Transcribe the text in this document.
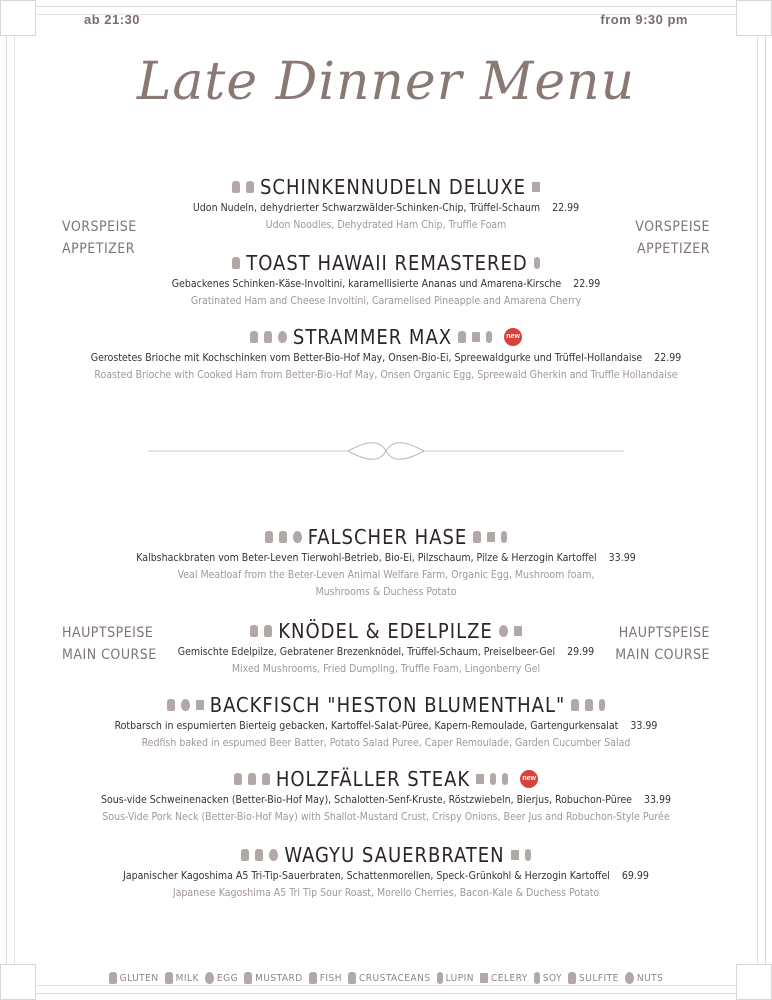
ab 21:30	from 9:30 pm
Late Dinner Menu
VORSPEISE
APPETIZER
VORSPEISE
APPETIZER
HAUPTSPEISE
MAIN COURSE
HAUPTSPEISE
MAIN COURSE
SCHINKENNUDELN DELUXE
Udon Nudeln, dehydrierter Schwarzwälder-Schinken-Chip, Trüffel-Schaum 22.99
Udon Noodles, Dehydrated Ham Chip, Truffle Foam
TOAST HAWAII REMASTERED
Gebackenes Schinken-Käse-Involtini, karamellisierte Ananas und Amarena-Kirsche 22.99
Gratinated Ham and Cheese Involtini, Caramelised Pineapple and Amarena Cherry
STRAMMER MAX	new
Gerostetes Brioche mit Kochschinken vom Better-Bio-Hof May, Onsen-Bio-Ei, Spreewaldgurke und Trüffel-Hollandaise 22.99
Roasted Brioche with Cooked Ham from Better-Bio-Hof May, Onsen Organic Egg, Spreewald Gherkin and Truffle Hollandaise
FALSCHER HASE
Kalbshackbraten vom Beter-Leven Tierwohl-Betrieb, Bio-Ei, Pilzschaum, Pilze & Herzogin Kartoffel 33.99
Veal Meatloaf from the Beter-Leven Animal Welfare Farm, Organic Egg, Mushroom foam,
Mushrooms & Duchess Potato
KNÖDEL & EDELPILZE
Gemischte Edelpilze, Gebratener Brezenknödel, Trüffel-Schaum, Preiselbeer-Gel 29.99
Mixed Mushrooms, Fried Dumpling, Truffle Foam, Lingonberry Gel
BACKFISCH "HESTON BLUMENTHAL"
Rotbarsch in espumierten Bierteig gebacken, Kartoffel-Salat-Püree, Kapern-Remoulade, Gartengurkensalat 33.99
Redfish baked in espumed Beer Batter, Potato Salad Puree, Caper Remoulade, Garden Cucumber Salad
HOLZFÄLLER STEAK	new
Sous-vide Schweinenacken (Better-Bio-Hof May), Schalotten-Senf-Kruste, Röstzwiebeln, Bierjus, Robuchon-Püree 33.99
Sous-Vide Pork Neck (Better-Bio-Hof May) with Shallot-Mustard Crust, Crispy Onions, Beer Jus and Robuchon-Style Purée
WAGYU SAUERBRATEN
Japanischer Kagoshima A5 Tri-Tip-Sauerbraten, Schattenmorellen, Speck-Grünkohl & Herzogin Kartoffel 69.99
Japanese Kagoshima A5 Tri Tip Sour Roast, Morello Cherries, Bacon-Kale & Duchess Potato
GLUTEN MILK EGG MUSTARD FISH CRUSTACEANS LUPIN CELERY SOY SULFITE NUTS
